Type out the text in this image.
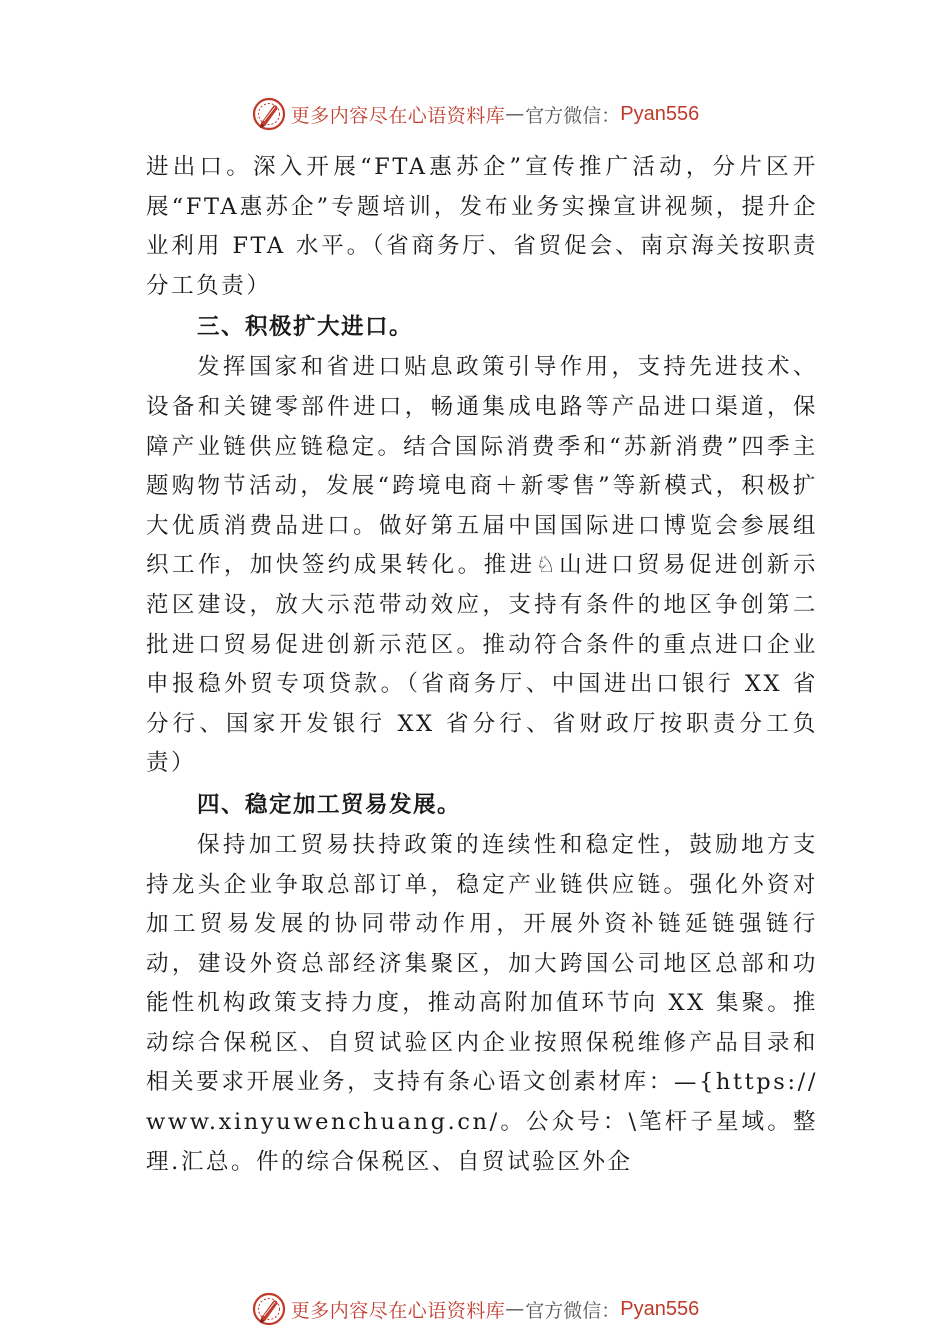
更多内容尽在心语资料库 — 官方微信： Pyan556

进出口。深入开展“FTA惠苏企”宣传推广活动，分片区开展“FTA惠苏企”专题培训，发布业务实操宣讲视频，提升企业利用 FTA 水平。（省商务厅、省贸促会、南京海关按职责分工负责）

三、积极扩大进口。

发挥国家和省进口贴息政策引导作用，支持先进技术、设备和关键零部件进口，畅通集成电路等产品进口渠道，保障产业链供应链稳定。结合国际消费季和“苏新消费”四季主题购物节活动，发展“跨境电商＋新零售”等新模式，积极扩大优质消费品进口。做好第五届中国国际进口博览会参展组织工作，加快签约成果转化。推进♘山进口贸易促进创新示范区建设，放大示范带动效应，支持有条件的地区争创第二批进口贸易促进创新示范区。推动符合条件的重点进口企业申报稳外贸专项贷款。（省商务厅、中国进出口银行 XX 省分行、国家开发银行 XX 省分行、省财政厅按职责分工负责）

四、稳定加工贸易发展。

保持加工贸易扶持政策的连续性和稳定性，鼓励地方支持龙头企业争取总部订单，稳定产业链供应链。强化外资对加工贸易发展的协同带动作用，开展外资补链延链强链行动，建设外资总部经济集聚区，加大跨国公司地区总部和功能性机构政策支持力度，推动高附加值环节向 XX 集聚。推动综合保税区、自贸试验区内企业按照保税维修产品目录和相关要求开展业务，支持有条心语文创素材库：—{https://www.xinyuwenchuang.cn/。公众号：\笔杆子星域。整理.汇总。件的综合保税区、自贸试验区外企

更多内容尽在心语资料库 — 官方微信： Pyan556
